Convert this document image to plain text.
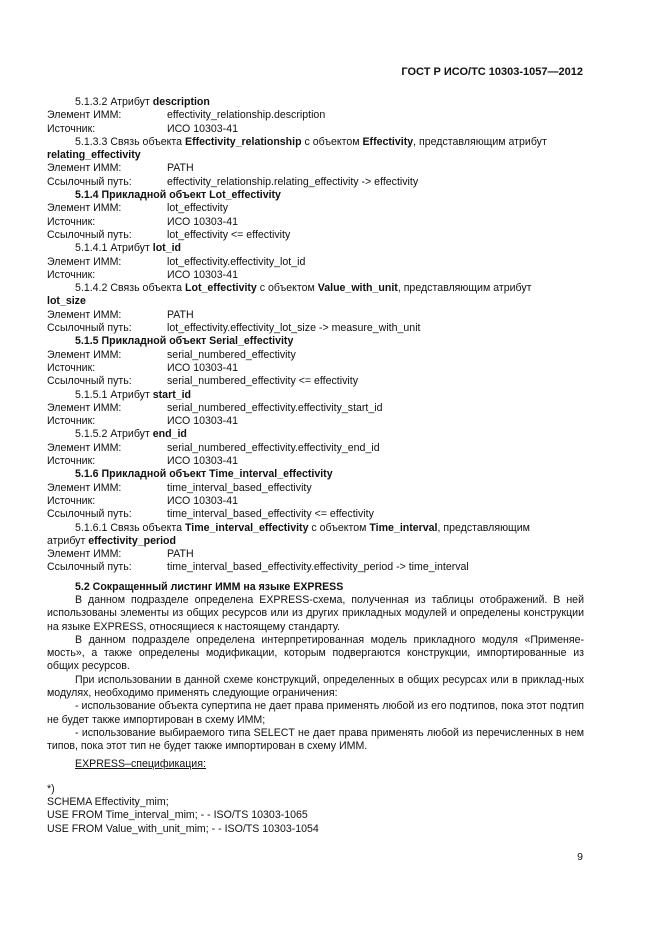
ГОСТ Р ИСО/ТС 10303-1057—2012
5.1.3.2 Атрибут description
Элемент ИММ:	effectivity_relationship.description
Источник:	ИСО 10303-41
5.1.3.3 Связь объекта Effectivity_relationship с объектом Effectivity, представляющим атрибут
relating_effectivity
Элемент ИММ:	PATH
Ссылочный путь:	effectivity_relationship.relating_effectivity -> effectivity
5.1.4 Прикладной объект Lot_effectivity
Элемент ИММ:	lot_effectivity
Источник:	ИСО 10303-41
Ссылочный путь:	lot_effectivity <= effectivity
5.1.4.1 Атрибут lot_id
Элемент ИММ:	lot_effectivity.effectivity_lot_id
Источник:	ИСО 10303-41
5.1.4.2 Связь объекта Lot_effectivity с объектом Value_with_unit, представляющим атрибут
lot_size
Элемент ИММ:	PATH
Ссылочный путь:	lot_effectivity.effectivity_lot_size -> measure_with_unit
5.1.5 Прикладной объект Serial_effectivity
Элемент ИММ:	serial_numbered_effectivity
Источник:	ИСО 10303-41
Ссылочный путь:	serial_numbered_effectivity <= effectivity
5.1.5.1 Атрибут start_id
Элемент ИММ:	serial_numbered_effectivity.effectivity_start_id
Источник:	ИСО 10303-41
5.1.5.2 Атрибут end_id
Элемент ИММ:	serial_numbered_effectivity.effectivity_end_id
Источник:	ИСО 10303-41
5.1.6 Прикладной объект Time_interval_effectivity
Элемент ИММ:	time_interval_based_effectivity
Источник:	ИСО 10303-41
Ссылочный путь:	time_interval_based_effectivity <= effectivity
5.1.6.1 Связь объекта Time_interval_effectivity с объектом Time_interval, представляющим
атрибут effectivity_period
Элемент ИММ:	PATH
Ссылочный путь:	time_interval_based_effectivity.effectivity_period -> time_interval
5.2 Сокращенный листинг ИММ на языке EXPRESS
В данном подразделе определена EXPRESS-схема, полученная из таблицы отображений. В ней использованы элементы из общих ресурсов или из других прикладных модулей и определены конструкции на языке EXPRESS, относящиеся к настоящему стандарту.
В данном подразделе определена интерпретированная модель прикладного модуля «Применяе-мость», а также определены модификации, которым подвергаются конструкции, импортированные из общих ресурсов.
При использовании в данной схеме конструкций, определенных в общих ресурсах или в приклад-ных модулях, необходимо применять следующие ограничения:
- использование объекта супертипа не дает права применять любой из его подтипов, пока этот подтип не будет также импортирован в схему ИММ;
- использование выбираемого типа SELECT не дает права применять любой из перечисленных в нем типов, пока этот тип не будет также импортирован в схему ИММ.
EXPRESS–спецификация:
*)
SCHEMA Effectivity_mim;
USE FROM Time_interval_mim; - - ISO/TS 10303-1065
USE FROM Value_with_unit_mim; - - ISO/TS 10303-1054
9
